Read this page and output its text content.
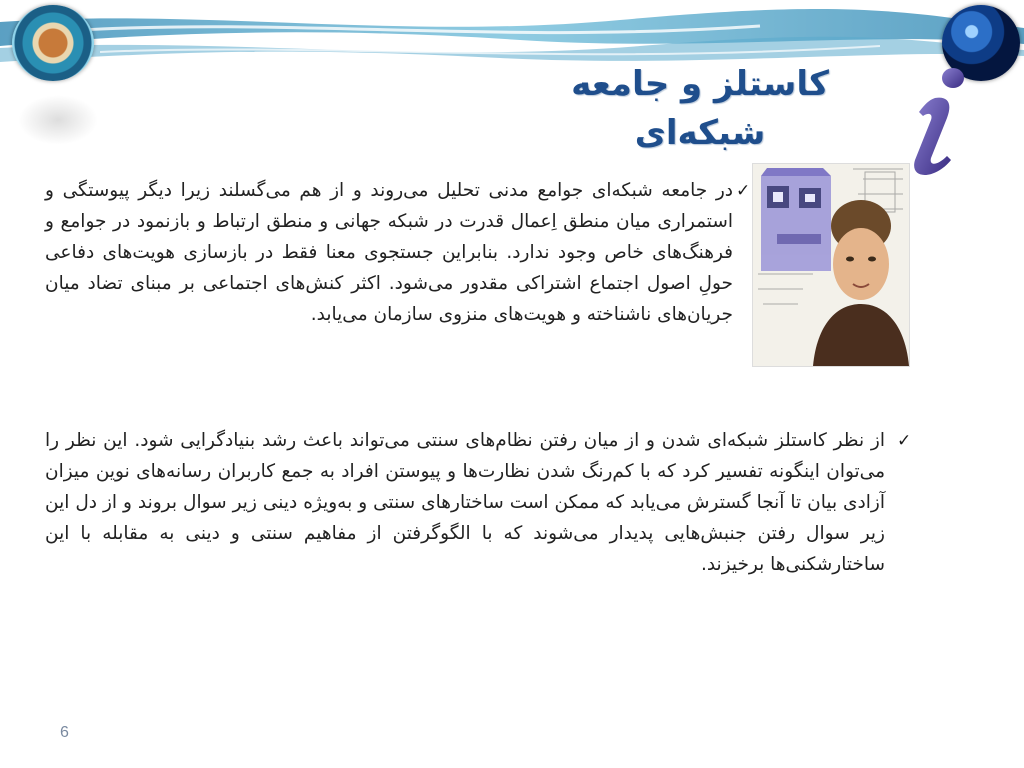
کاستلز و جامعه
شبکه‌ای
✓
در جامعه شبکه‌ای جوامع مدنی تحلیل می‌روند و از هم می‌گسلند زیرا دیگر پیوستگی و استمراری میان منطق اِعمال قدرت در شبکه جهانی و منطق ارتباط و بازنمود در جوامع و فرهنگ‌های خاص وجود ندارد. بنابراین جستجوی معنا فقط در بازسازی هویت‌های دفاعی حولِ اصول اجتماع اشتراکی مقدور می‌شود. اکثر کنش‌های اجتماعی بر مبنای تضاد میان جریان‌های ناشناخته و هویت‌های منزوی سازمان می‌یابد.
✓
از نظر کاستلز شبکه‌ای شدن و از میان رفتن نظام‌های سنتی می‌تواند باعث رشد بنیادگرایی شود. این نظر را می‌توان اینگونه تفسیر کرد که با کم‌رنگ شدن نظارت‌ها و پیوستن افراد به جمع کاربران رسانه‌های نوین میزان آزادی بیان تا آنجا گسترش می‌یابد که ممکن است ساختارهای سنتی و به‌ویژه دینی زیر سوال بروند و از دل این زیر سوال رفتن جنبش‌هایی پدیدار می‌شوند که با الگوگرفتن از مفاهیم سنتی و دینی به مقابله با این ساختارشکنی‌ها برخیزند.
6
